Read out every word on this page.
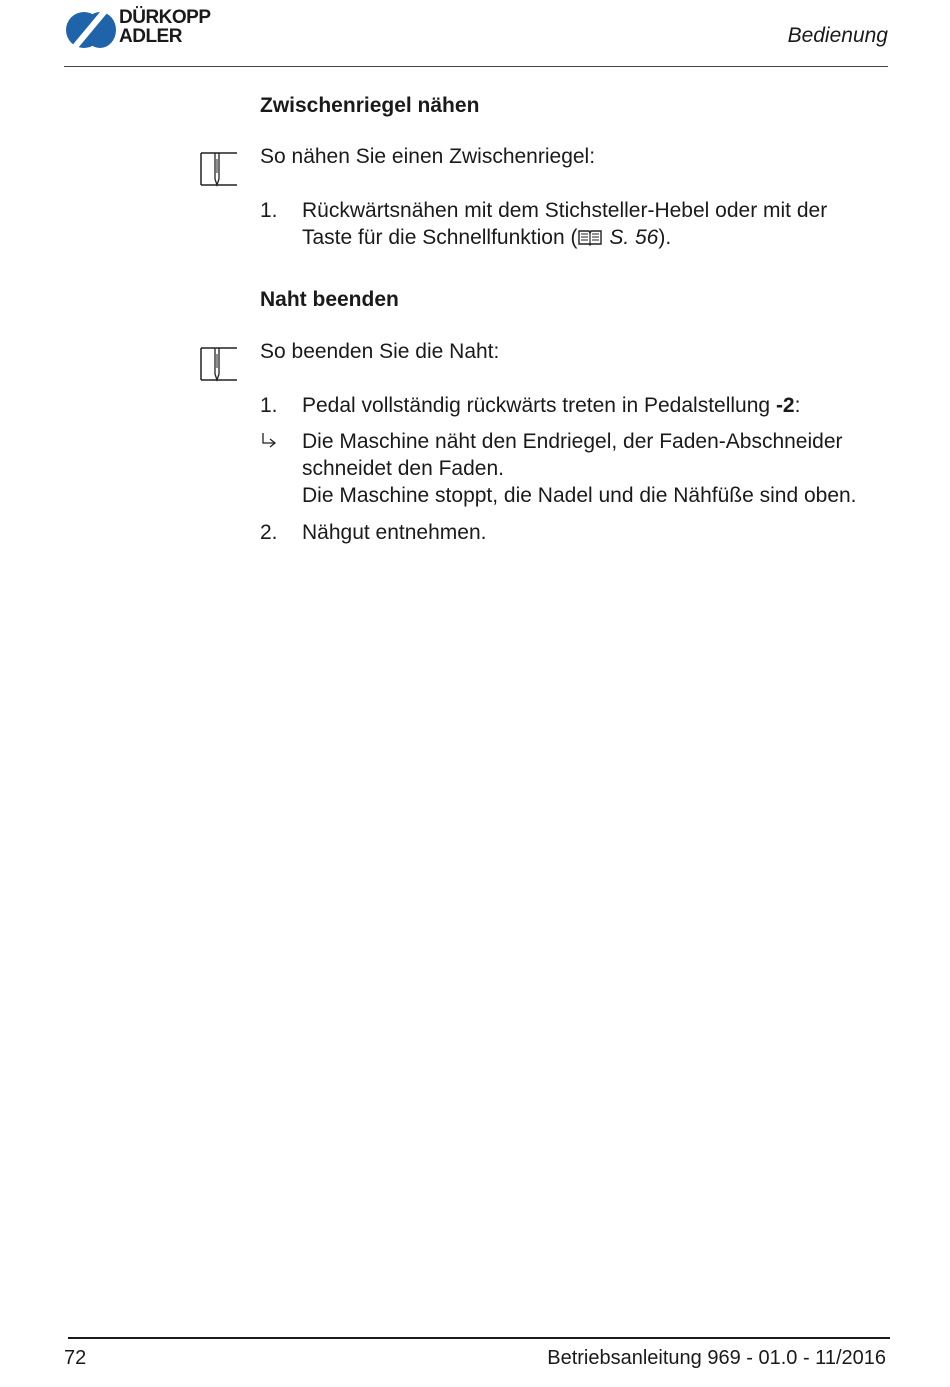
DÜRKOPP
ADLER	Bedienung
Zwischenriegel nähen
So nähen Sie einen Zwischenriegel:
1. Rückwärtsnähen mit dem Stichsteller-Hebel oder mit der
Taste für die Schnellfunktion ( S. 56).
Naht beenden
So beenden Sie die Naht:
1. Pedal vollständig rückwärts treten in Pedalstellung -2:
Die Maschine näht den Endriegel, der Faden-Abschneider
schneidet den Faden.
Die Maschine stoppt, die Nadel und die Nähfüße sind oben.
2. Nähgut entnehmen.
72	Betriebsanleitung 969 - 01.0 - 11/2016
